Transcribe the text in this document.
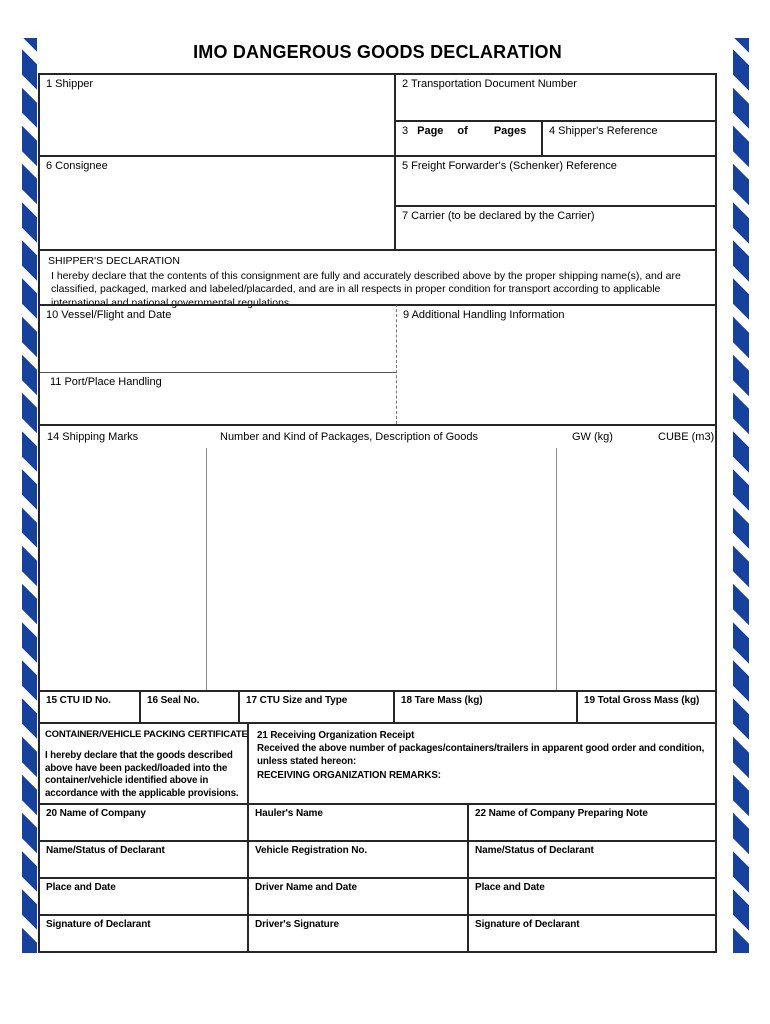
IMO DANGEROUS GOODS DECLARATION
1 Shipper	2 Transportation Document Number
3 Page of Pages	4 Shipper's Reference
6 Consignee	5 Freight Forwarder's (Schenker) Reference
7 Carrier (to be declared by the Carrier)
SHIPPER'S DECLARATION
I hereby declare that the contents of this consignment are fully and accurately described above by the proper shipping name(s), and are classified, packaged, marked and labeled/placarded, and are in all respects in proper condition for transport according to applicable international and national governmental regulations.
10 Vessel/Flight and Date
11 Port/Place Handling
9 Additional Handling Information
14 Shipping Marks	Number and Kind of Packages, Description of Goods	GW (kg)	CUBE (m3)
15 CTU ID No.	16 Seal No.	17 CTU Size and Type	18 Tare Mass (kg)	19 Total Gross Mass (kg)
CONTAINER/VEHICLE PACKING CERTIFICATE
I hereby declare that the goods described above have been packed/loaded into the container/vehicle identified above in accordance with the applicable provisions.
21 Receiving Organization Receipt
Received the above number of packages/containers/trailers in apparent good order and condition,
unless stated hereon:
RECEIVING ORGANIZATION REMARKS:
20 Name of Company	Hauler's Name	22 Name of Company Preparing Note
Name/Status of Declarant	Vehicle Registration No.	Name/Status of Declarant
Place and Date	Driver Name and Date	Place and Date
Signature of Declarant	Driver's Signature	Signature of Declarant
